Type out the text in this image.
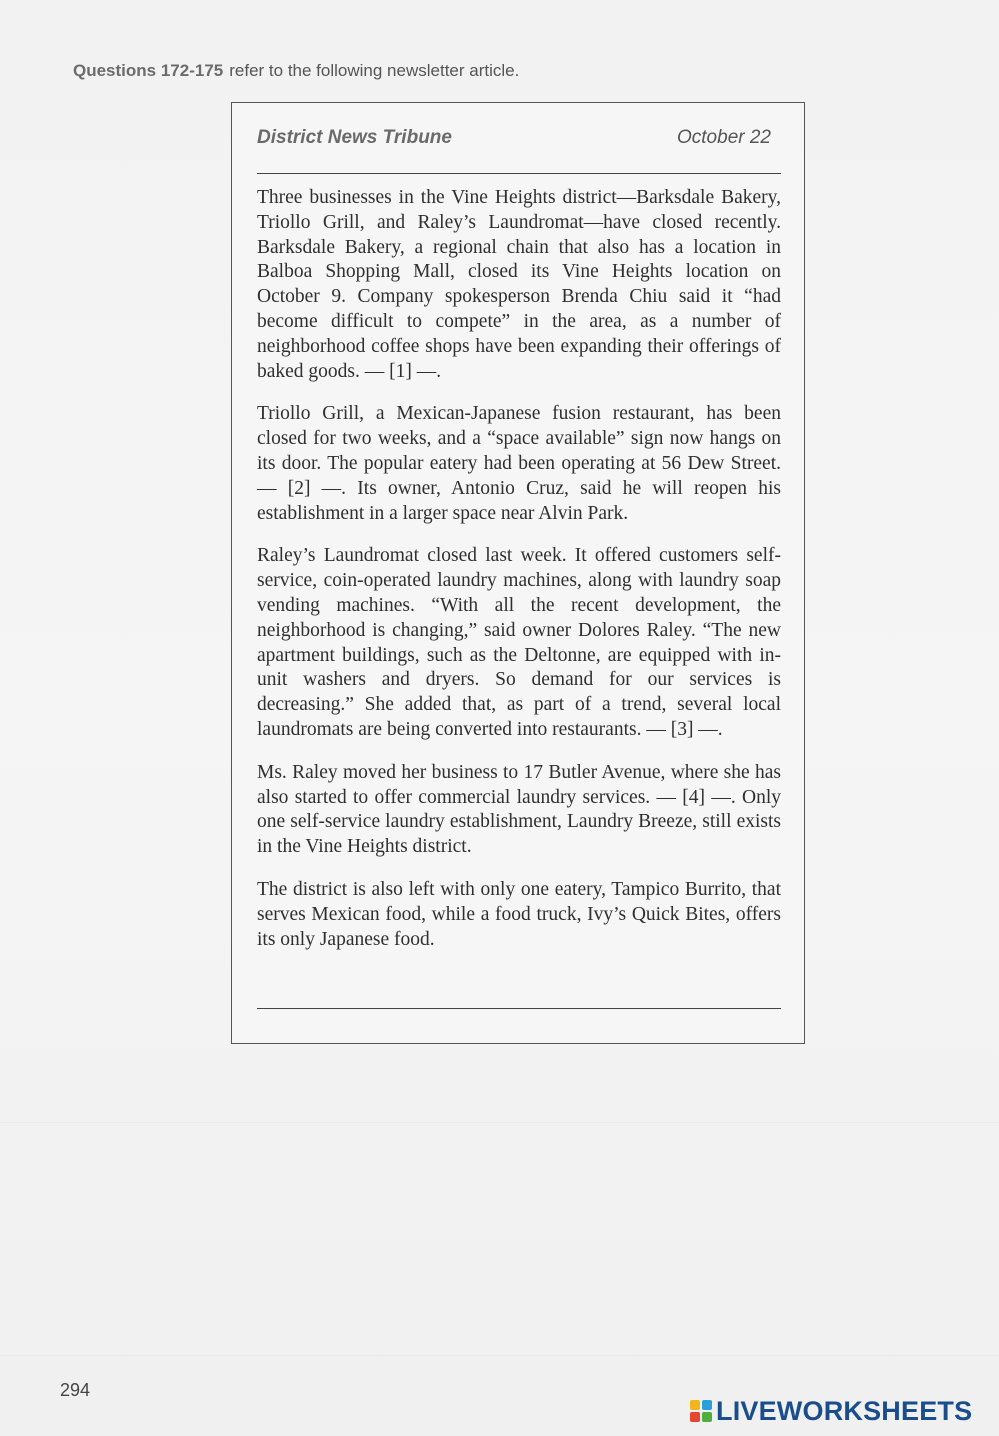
Questions 172-175 refer to the following newsletter article.
District News Tribune	October 22

Three businesses in the Vine Heights district—Barksdale Bakery, Triollo Grill, and Raley’s Laundromat—have closed recently. Barksdale Bakery, a regional chain that also has a location in Balboa Shopping Mall, closed its Vine Heights location on October 9. Company spokesperson Brenda Chiu said it “had become difficult to compete” in the area, as a number of neighborhood coffee shops have been expanding their offerings of baked goods. — [1] —.

Triollo Grill, a Mexican-Japanese fusion restaurant, has been closed for two weeks, and a “space available” sign now hangs on its door. The popular eatery had been operating at 56 Dew Street. — [2] —. Its owner, Antonio Cruz, said he will reopen his establishment in a larger space near Alvin Park.

Raley’s Laundromat closed last week. It offered customers self-service, coin-operated laundry machines, along with laundry soap vending machines. “With all the recent development, the neighborhood is changing,” said owner Dolores Raley. “The new apartment buildings, such as the Deltonne, are equipped with in-unit washers and dryers. So demand for our services is decreasing.” She added that, as part of a trend, several local laundromats are being converted into restaurants. — [3] —.

Ms. Raley moved her business to 17 Butler Avenue, where she has also started to offer commercial laundry services. — [4] —. Only one self-service laundry establishment, Laundry Breeze, still exists in the Vine Heights district.

The district is also left with only one eatery, Tampico Burrito, that serves Mexican food, while a food truck, Ivy’s Quick Bites, offers its only Japanese food.

294
LIVEWORKSHEETS
